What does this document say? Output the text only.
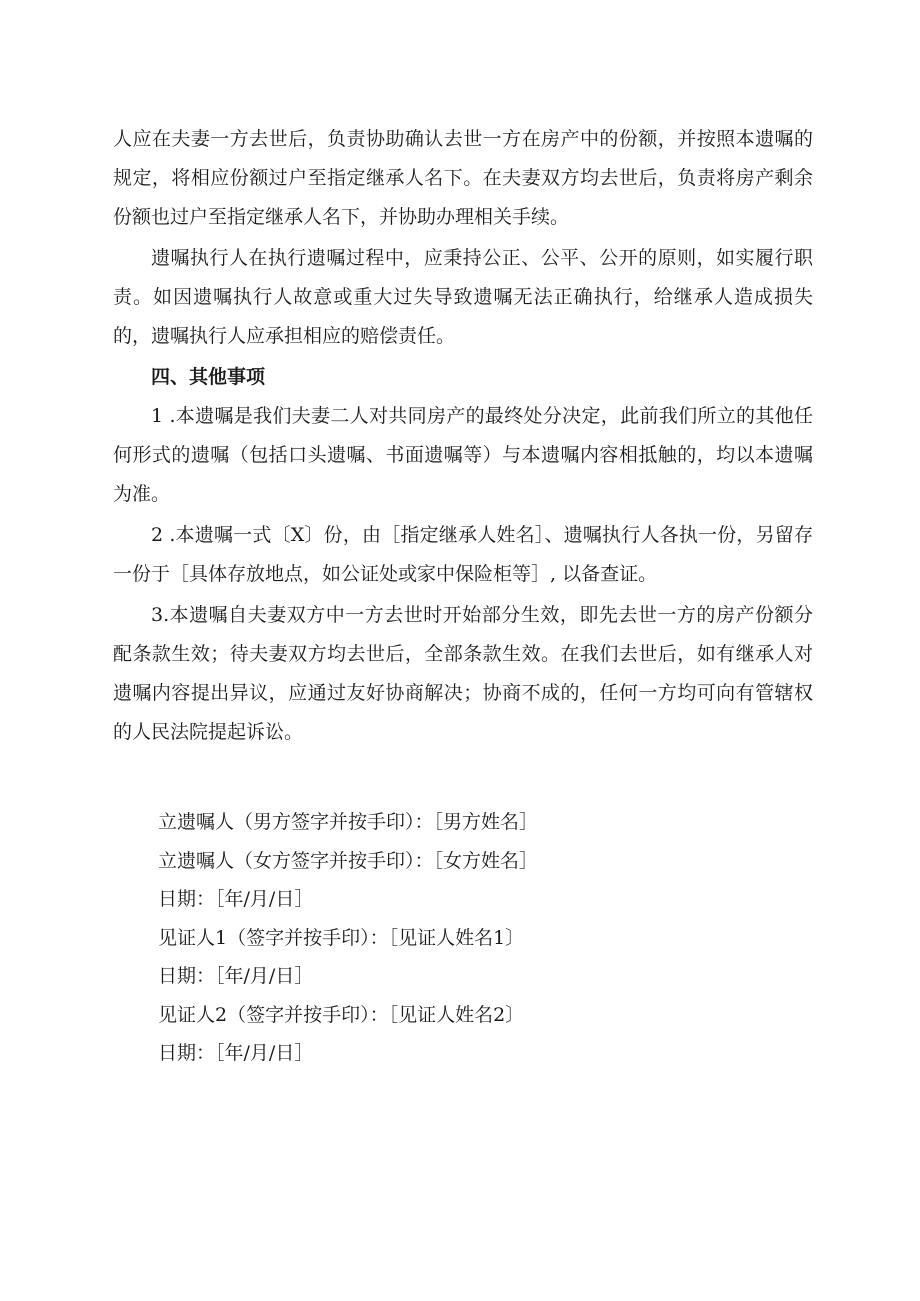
人应在夫妻一方去世后，负责协助确认去世一方在房产中的份额，并按照本遗嘱的规定，将相应份额过户至指定继承人名下。在夫妻双方均去世后，负责将房产剩余份额也过户至指定继承人名下，并协助办理相关手续。

遗嘱执行人在执行遗嘱过程中，应秉持公正、公平、公开的原则，如实履行职责。如因遗嘱执行人故意或重大过失导致遗嘱无法正确执行，给继承人造成损失的，遗嘱执行人应承担相应的赔偿责任。

四、其他事项

1 .本遗嘱是我们夫妻二人对共同房产的最终处分决定，此前我们所立的其他任何形式的遗嘱（包括口头遗嘱、书面遗嘱等）与本遗嘱内容相抵触的，均以本遗嘱为准。

2 .本遗嘱一式〔X〕份，由［指定继承人姓名］、遗嘱执行人各执一份，另留存一份于［具体存放地点，如公证处或家中保险柜等］, 以备查证。

3.本遗嘱自夫妻双方中一方去世时开始部分生效，即先去世一方的房产份额分配条款生效；待夫妻双方均去世后，全部条款生效。在我们去世后，如有继承人对遗嘱内容提出异议，应通过友好协商解决；协商不成的，任何一方均可向有管辖权的人民法院提起诉讼。

立遗嘱人（男方签字并按手印）：［男方姓名］
立遗嘱人（女方签字并按手印）：［女方姓名］
日期：［年/月/日］
见证人1（签字并按手印）：［见证人姓名1〕
日期：［年/月/日］
见证人2（签字并按手印）：［见证人姓名2〕
日期：［年/月/日］
